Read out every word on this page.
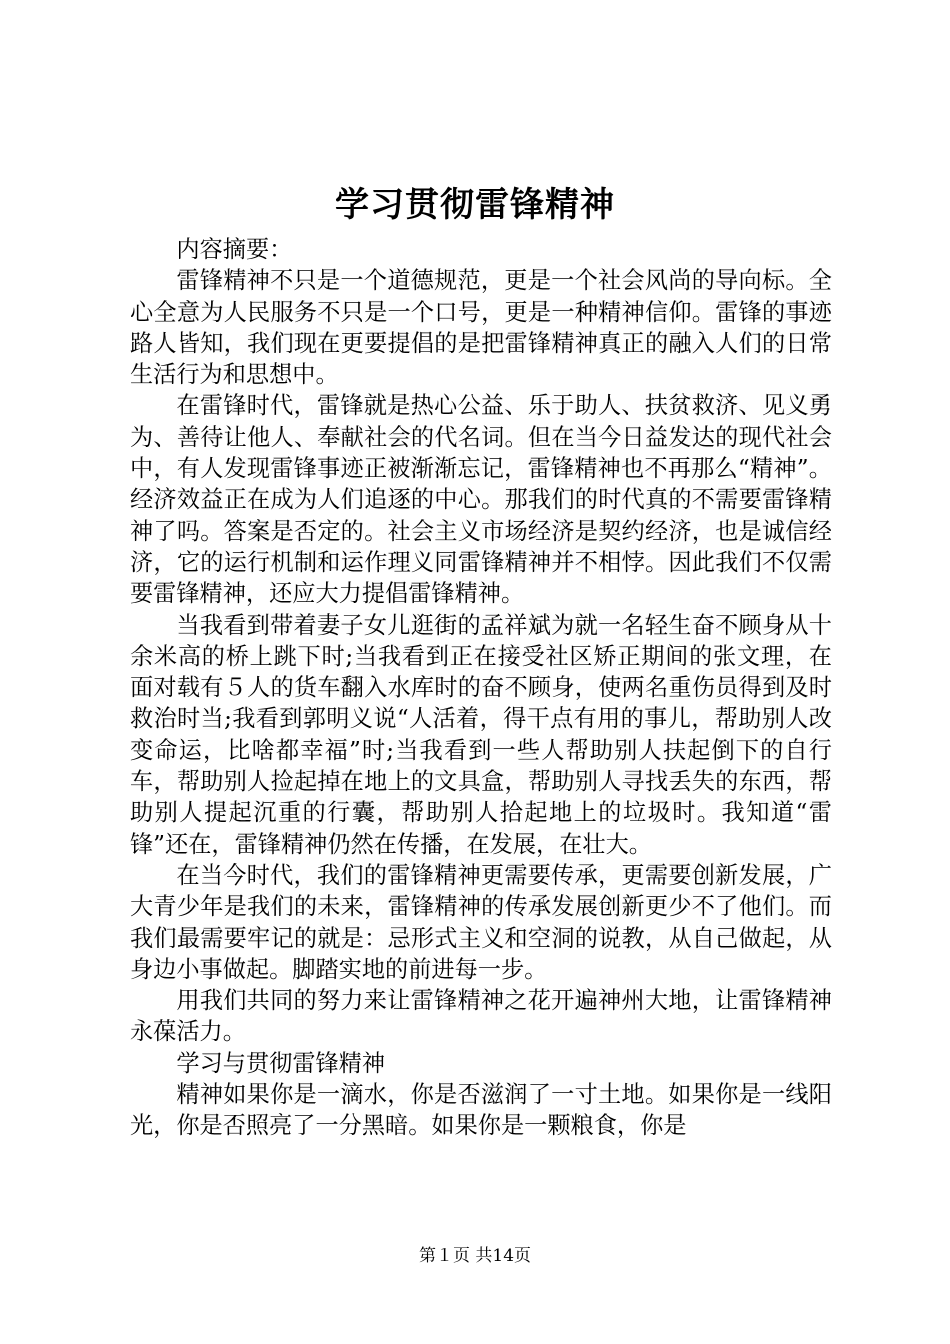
学习贯彻雷锋精神

内容摘要：

雷锋精神不只是一个道德规范，更是一个社会风尚的导向标。全心全意为人民服务不只是一个口号，更是一种精神信仰。雷锋的事迹路人皆知，我们现在更要提倡的是把雷锋精神真正的融入人们的日常生活行为和思想中。

在雷锋时代，雷锋就是热心公益、乐于助人、扶贫救济、见义勇为、善待让他人、奉献社会的代名词。但在当今日益发达的现代社会中，有人发现雷锋事迹正被渐渐忘记，雷锋精神也不再那么“精神”。经济效益正在成为人们追逐的中心。那我们的时代真的不需要雷锋精神了吗。答案是否定的。社会主义市场经济是契约经济，也是诚信经济，它的运行机制和运作理义同雷锋精神并不相悖。因此我们不仅需要雷锋精神，还应大力提倡雷锋精神。

当我看到带着妻子女儿逛街的孟祥斌为就一名轻生奋不顾身从十余米高的桥上跳下时;当我看到正在接受社区矫正期间的张文理，在面对载有５人的货车翻入水库时的奋不顾身，使两名重伤员得到及时救治时当;我看到郭明义说“人活着，得干点有用的事儿，帮助别人改变命运，比啥都幸福”时;当我看到一些人帮助别人扶起倒下的自行车，帮助别人捡起掉在地上的文具盒，帮助别人寻找丢失的东西，帮助别人提起沉重的行囊，帮助别人拾起地上的垃圾时。我知道“雷锋”还在，雷锋精神仍然在传播，在发展，在壮大。

在当今时代，我们的雷锋精神更需要传承，更需要创新发展，广大青少年是我们的未来，雷锋精神的传承发展创新更少不了他们。而我们最需要牢记的就是：忌形式主义和空洞的说教，从自己做起，从身边小事做起。脚踏实地的前进每一步。

用我们共同的努力来让雷锋精神之花开遍神州大地，让雷锋精神永葆活力。

学习与贯彻雷锋精神

精神如果你是一滴水，你是否滋润了一寸土地。如果你是一线阳光，你是否照亮了一分黑暗。如果你是一颗粮食，你是

第１页 共14页
